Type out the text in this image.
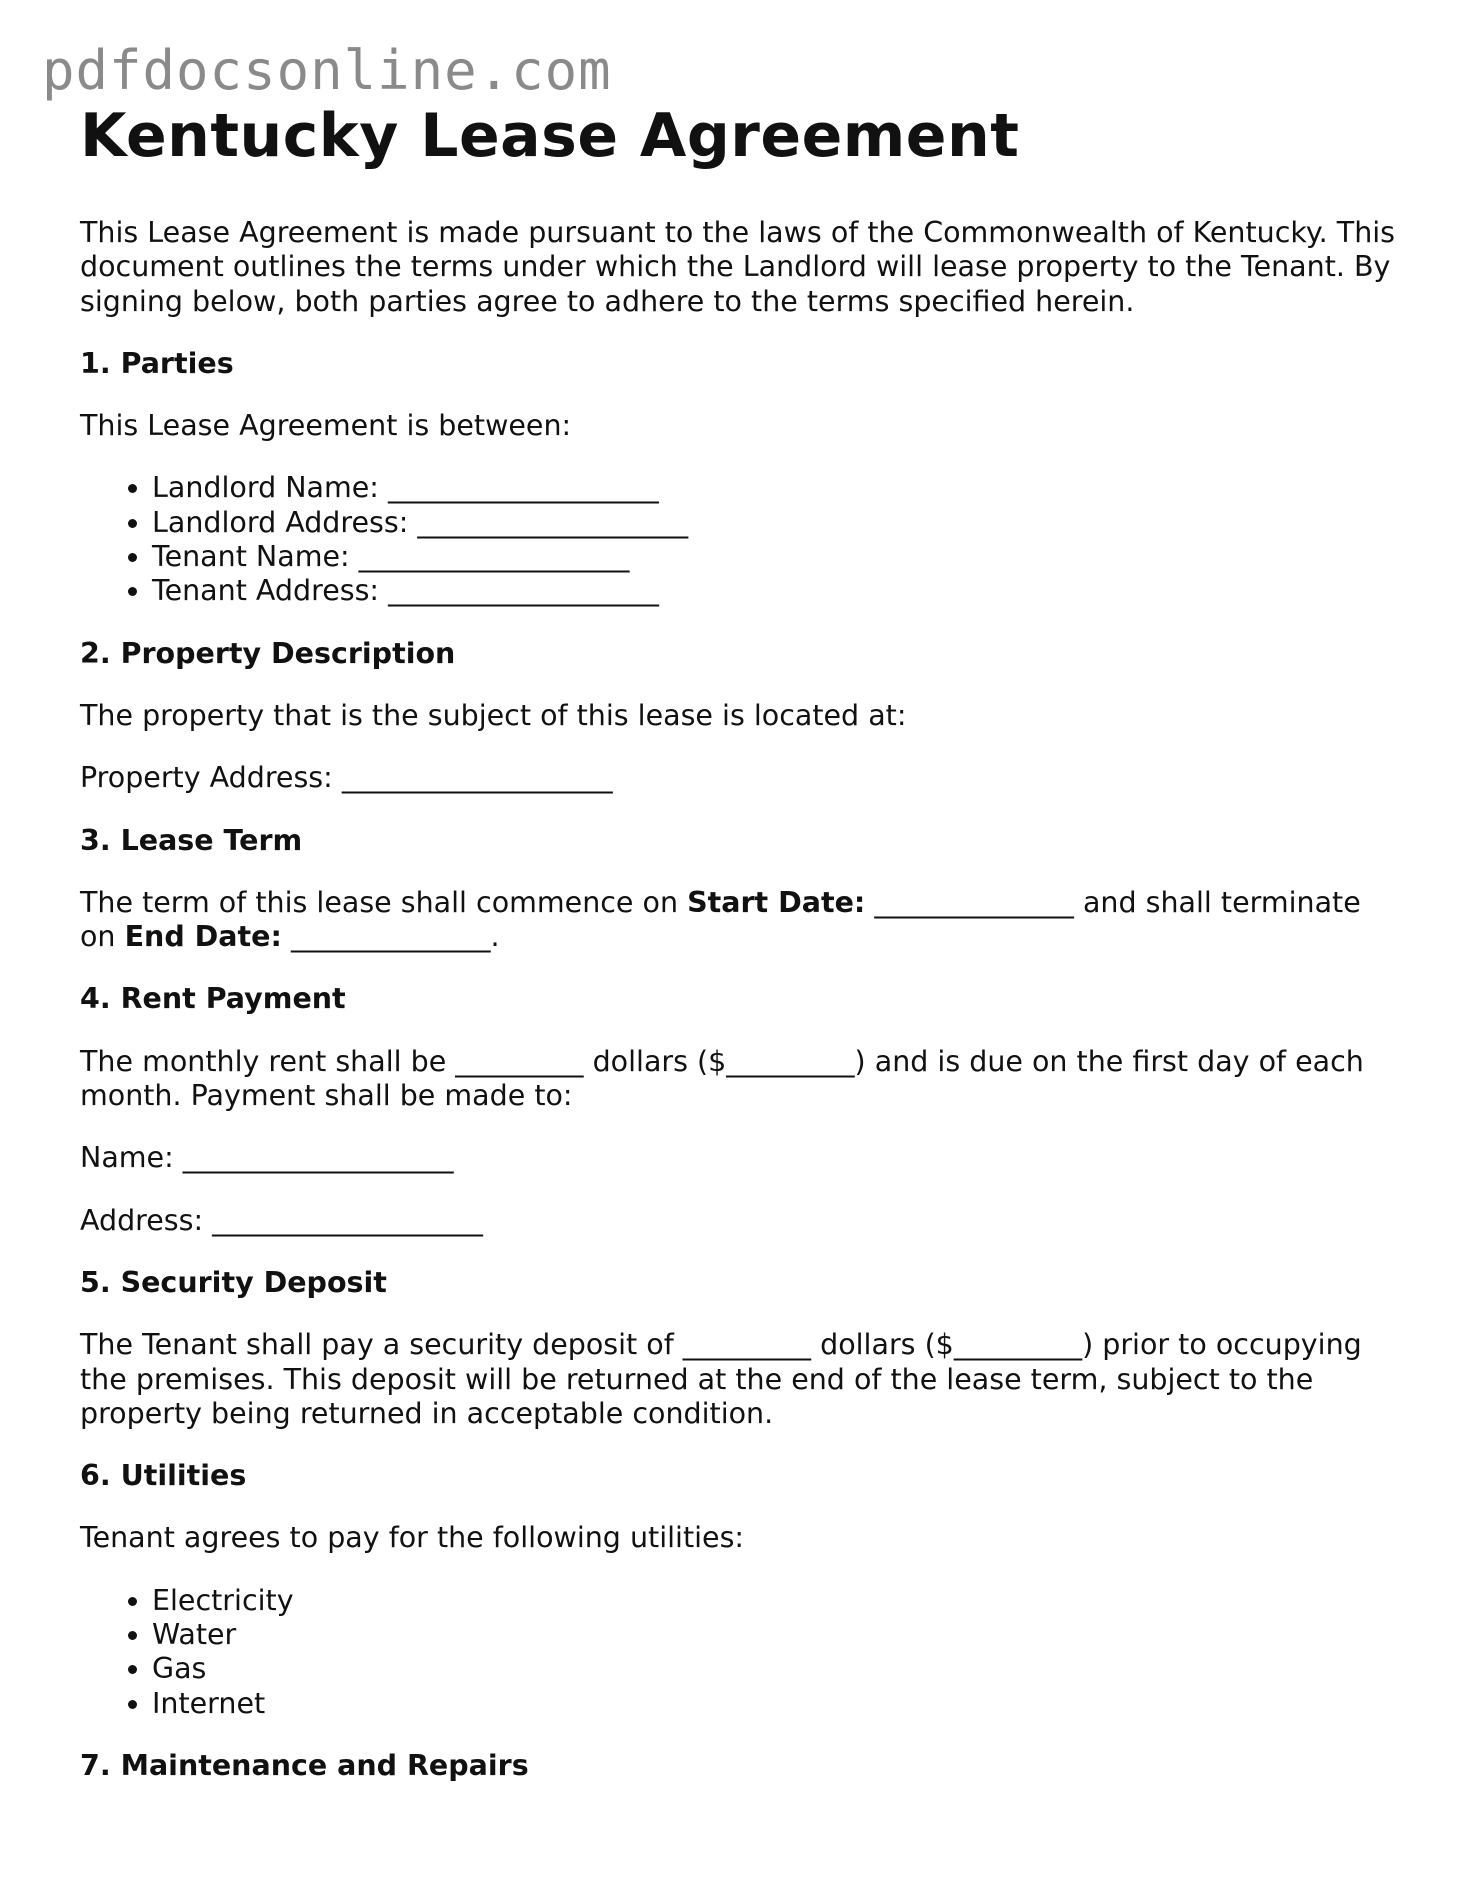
pdfdocsonline.com
Kentucky Lease Agreement

This Lease Agreement is made pursuant to the laws of the Commonwealth of Kentucky. This document outlines the terms under which the Landlord will lease property to the Tenant. By signing below, both parties agree to adhere to the terms specified herein.

1. Parties

This Lease Agreement is between:

• Landlord Name: ___________________
• Landlord Address: ___________________
• Tenant Name: ___________________
• Tenant Address: ___________________
2. Property Description

The property that is the subject of this lease is located at:

Property Address: ___________________

3. Lease Term

The term of this lease shall commence on Start Date: ______________ and shall terminate on End Date: ______________.

4. Rent Payment

The monthly rent shall be _________ dollars ($_________) and is due on the first day of each month. Payment shall be made to:

Name: ___________________

Address: ___________________

5. Security Deposit

The Tenant shall pay a security deposit of _________ dollars ($_________) prior to occupying the premises. This deposit will be returned at the end of the lease term, subject to the property being returned in acceptable condition.

6. Utilities

Tenant agrees to pay for the following utilities:

• Electricity
• Water
• Gas
• Internet
7. Maintenance and Repairs
